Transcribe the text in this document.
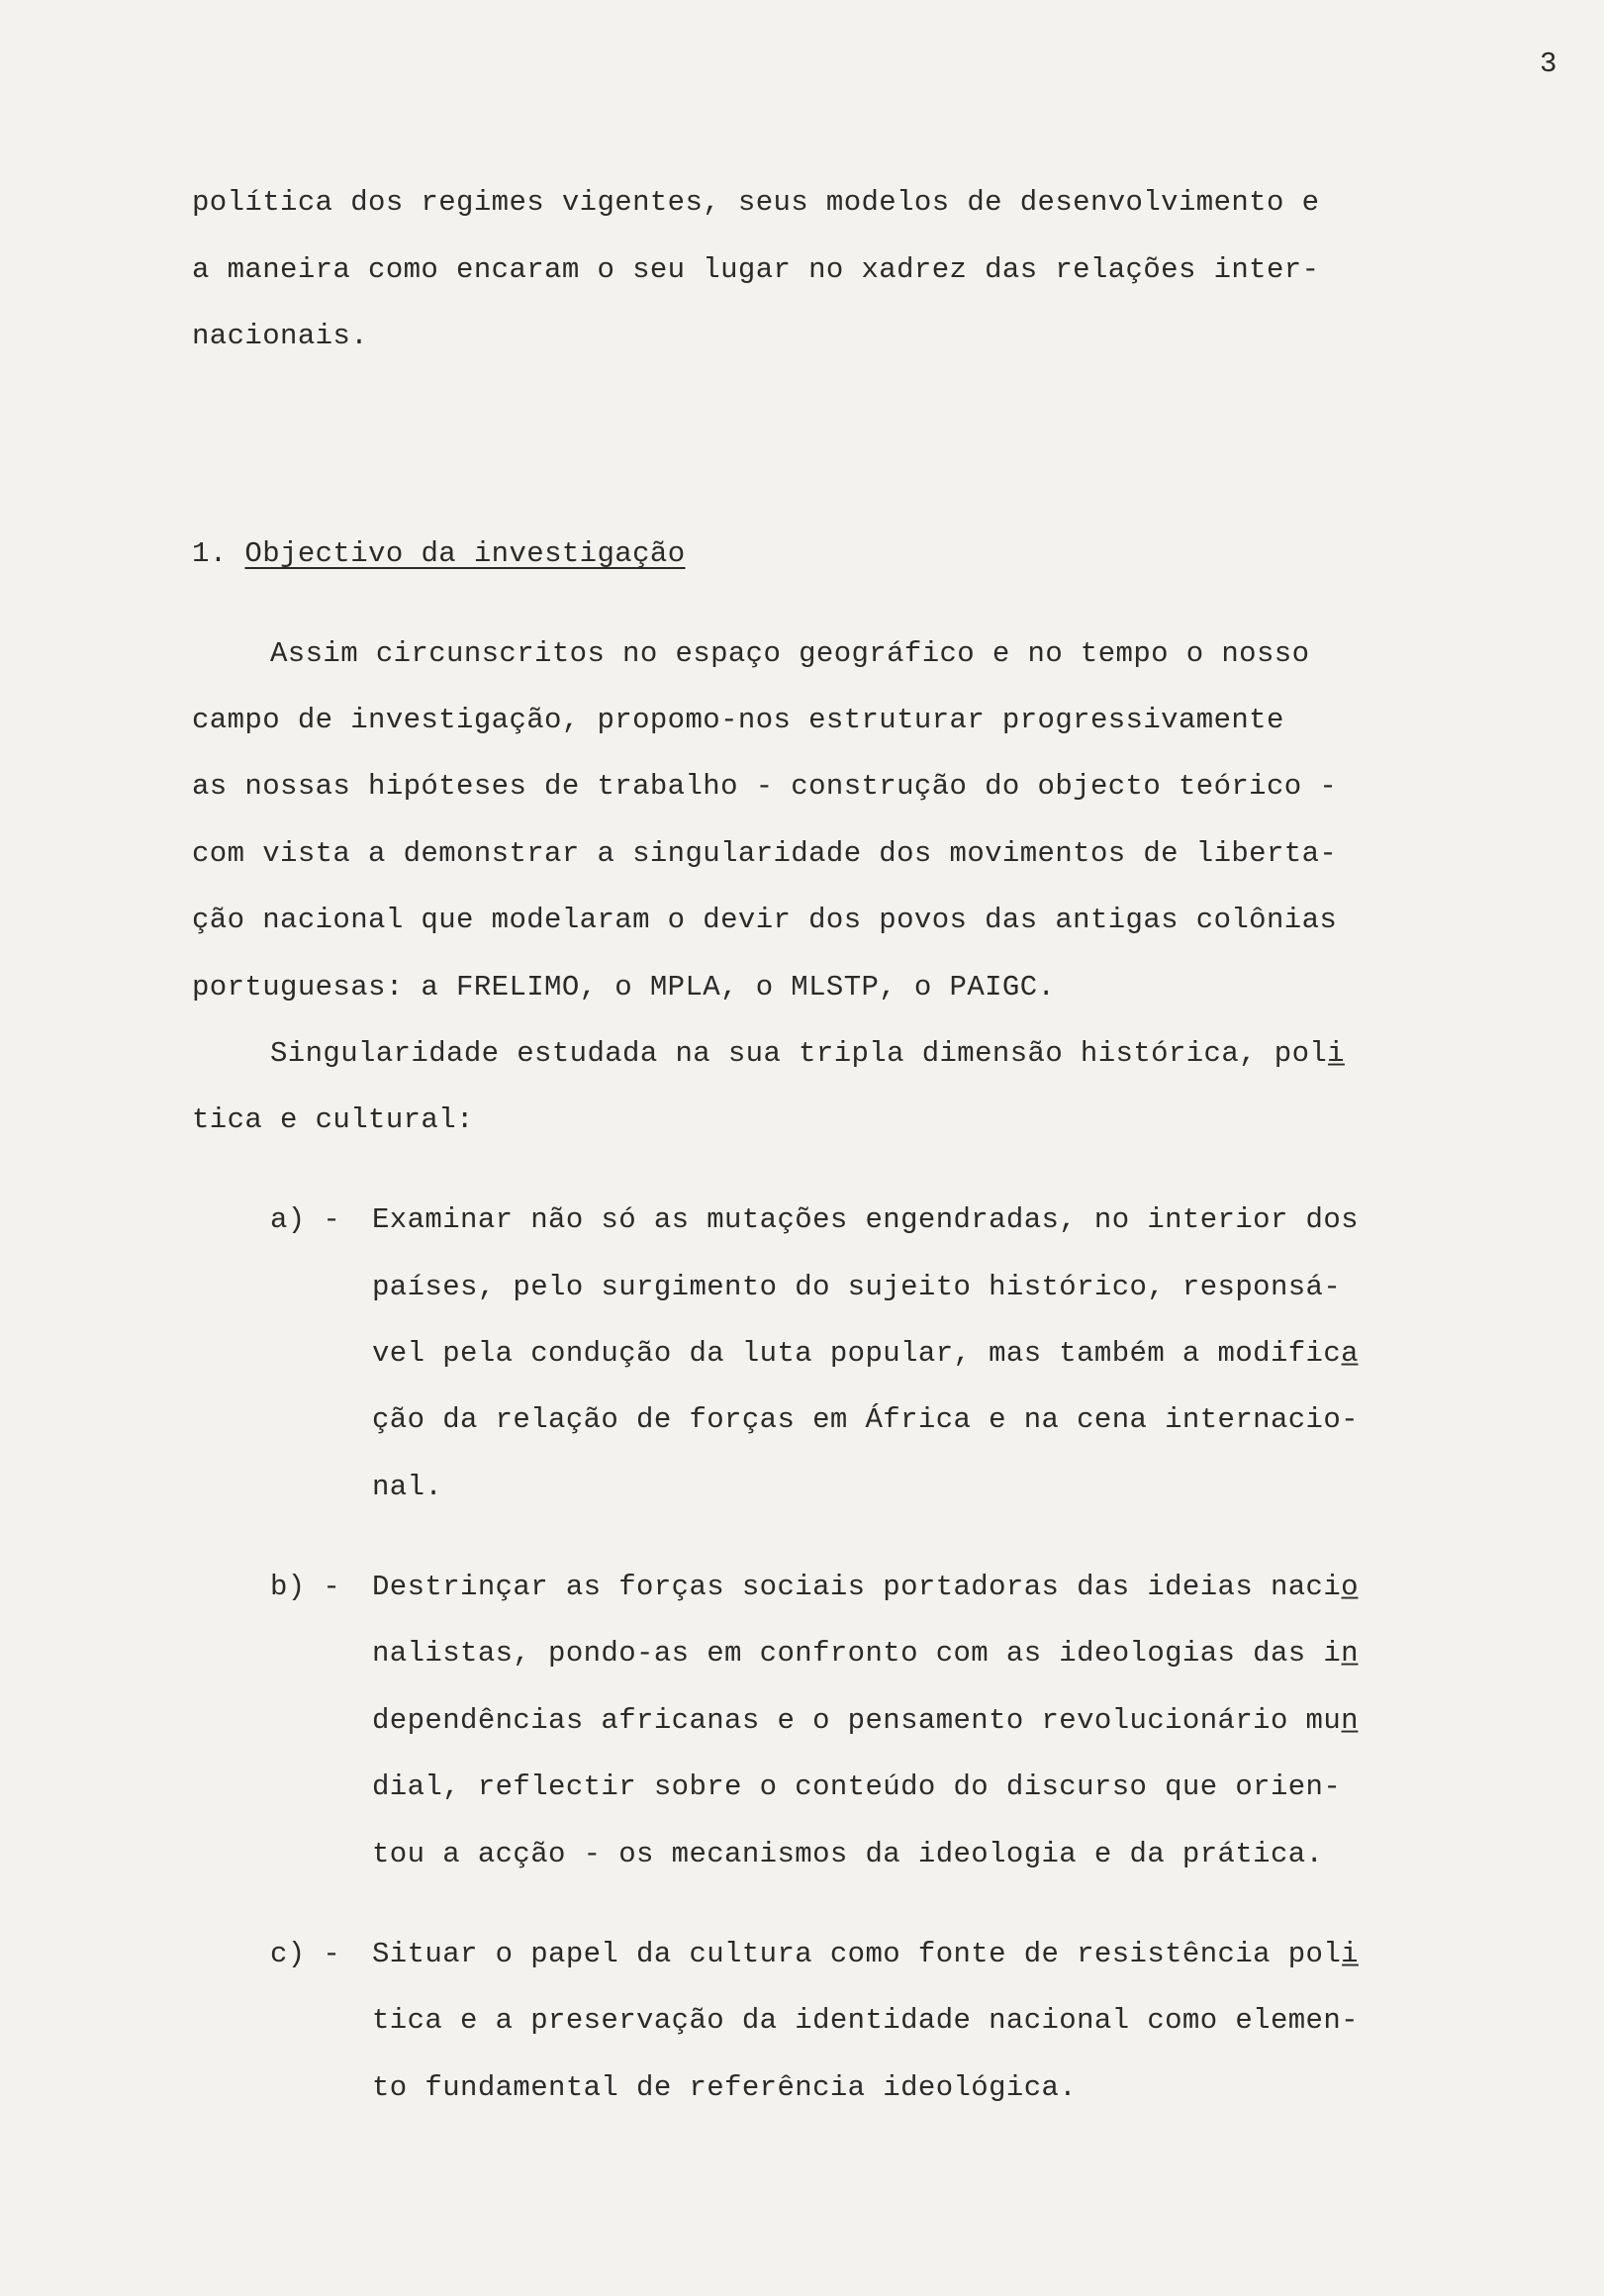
3
política dos regimes vigentes, seus modelos de desenvolvimento e
a maneira como encaram o seu lugar no xadrez das relações inter-
nacionais.
1. Objectivo da investigação
Assim circunscritos no espaço geográfico e no tempo o nosso
campo de investigação, propomo-nos estruturar progressivamente
as nossas hipóteses de trabalho - construção do objecto teórico -
com vista a demonstrar a singularidade dos movimentos de liberta-
ção nacional que modelaram o devir dos povos das antigas colônias
portuguesas: a FRELIMO, o MPLA, o MLSTP, o PAIGC.
Singularidade estudada na sua tripla dimensão histórica, poli̲
tica e cultural:
a) - Examinar não só as mutações engendradas, no interior dos
países, pelo surgimento do sujeito histórico, responsá-
vel pela condução da luta popular, mas também a modifica̲
ção da relação de forças em África e na cena internacio-
nal.
b) - Destrinçar as forças sociais portadoras das ideias nacio̲
nalistas, pondo-as em confronto com as ideologias das in̲
dependências africanas e o pensamento revolucionário mun̲
dial, reflectir sobre o conteúdo do discurso que orien-
tou a acção - os mecanismos da ideologia e da prática.
c) - Situar o papel da cultura como fonte de resistência poli̲
tica e a preservação da identidade nacional como elemen-
to fundamental de referência ideológica.
